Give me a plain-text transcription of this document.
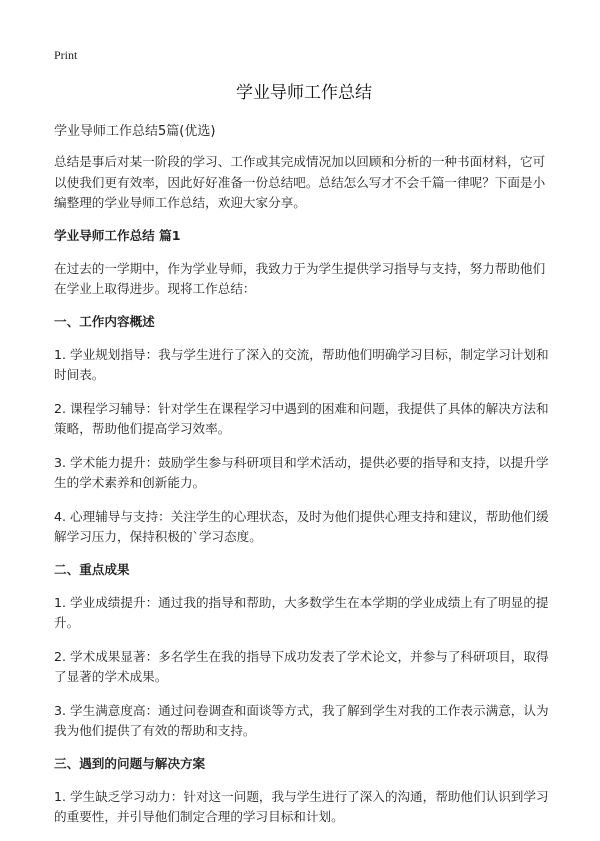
Print
学业导师工作总结
学业导师工作总结5篇(优选)

总结是事后对某一阶段的学习、工作或其完成情况加以回顾和分析的一种书面材料，它可以使我们更有效率，因此好好准备一份总结吧。总结怎么写才不会千篇一律呢？下面是小编整理的学业导师工作总结，欢迎大家分享。

学业导师工作总结 篇1

在过去的一学期中，作为学业导师，我致力于为学生提供学习指导与支持，努力帮助他们在学业上取得进步。现将工作总结：

一、工作内容概述

1. 学业规划指导：我与学生进行了深入的交流，帮助他们明确学习目标，制定学习计划和时间表。

2. 课程学习辅导：针对学生在课程学习中遇到的困难和问题，我提供了具体的解决方法和策略，帮助他们提高学习效率。

3. 学术能力提升：鼓励学生参与科研项目和学术活动，提供必要的指导和支持，以提升学生的学术素养和创新能力。

4. 心理辅导与支持：关注学生的心理状态，及时为他们提供心理支持和建议，帮助他们缓解学习压力，保持积极的`学习态度。

二、重点成果

1. 学业成绩提升：通过我的指导和帮助，大多数学生在本学期的学业成绩上有了明显的提升。

2. 学术成果显著：多名学生在我的指导下成功发表了学术论文，并参与了科研项目，取得了显著的学术成果。

3. 学生满意度高：通过问卷调查和面谈等方式，我了解到学生对我的工作表示满意，认为我为他们提供了有效的帮助和支持。

三、遇到的问题与解决方案

1. 学生缺乏学习动力：针对这一问题，我与学生进行了深入的沟通，帮助他们认识到学习的重要性，并引导他们制定合理的学习目标和计划。
